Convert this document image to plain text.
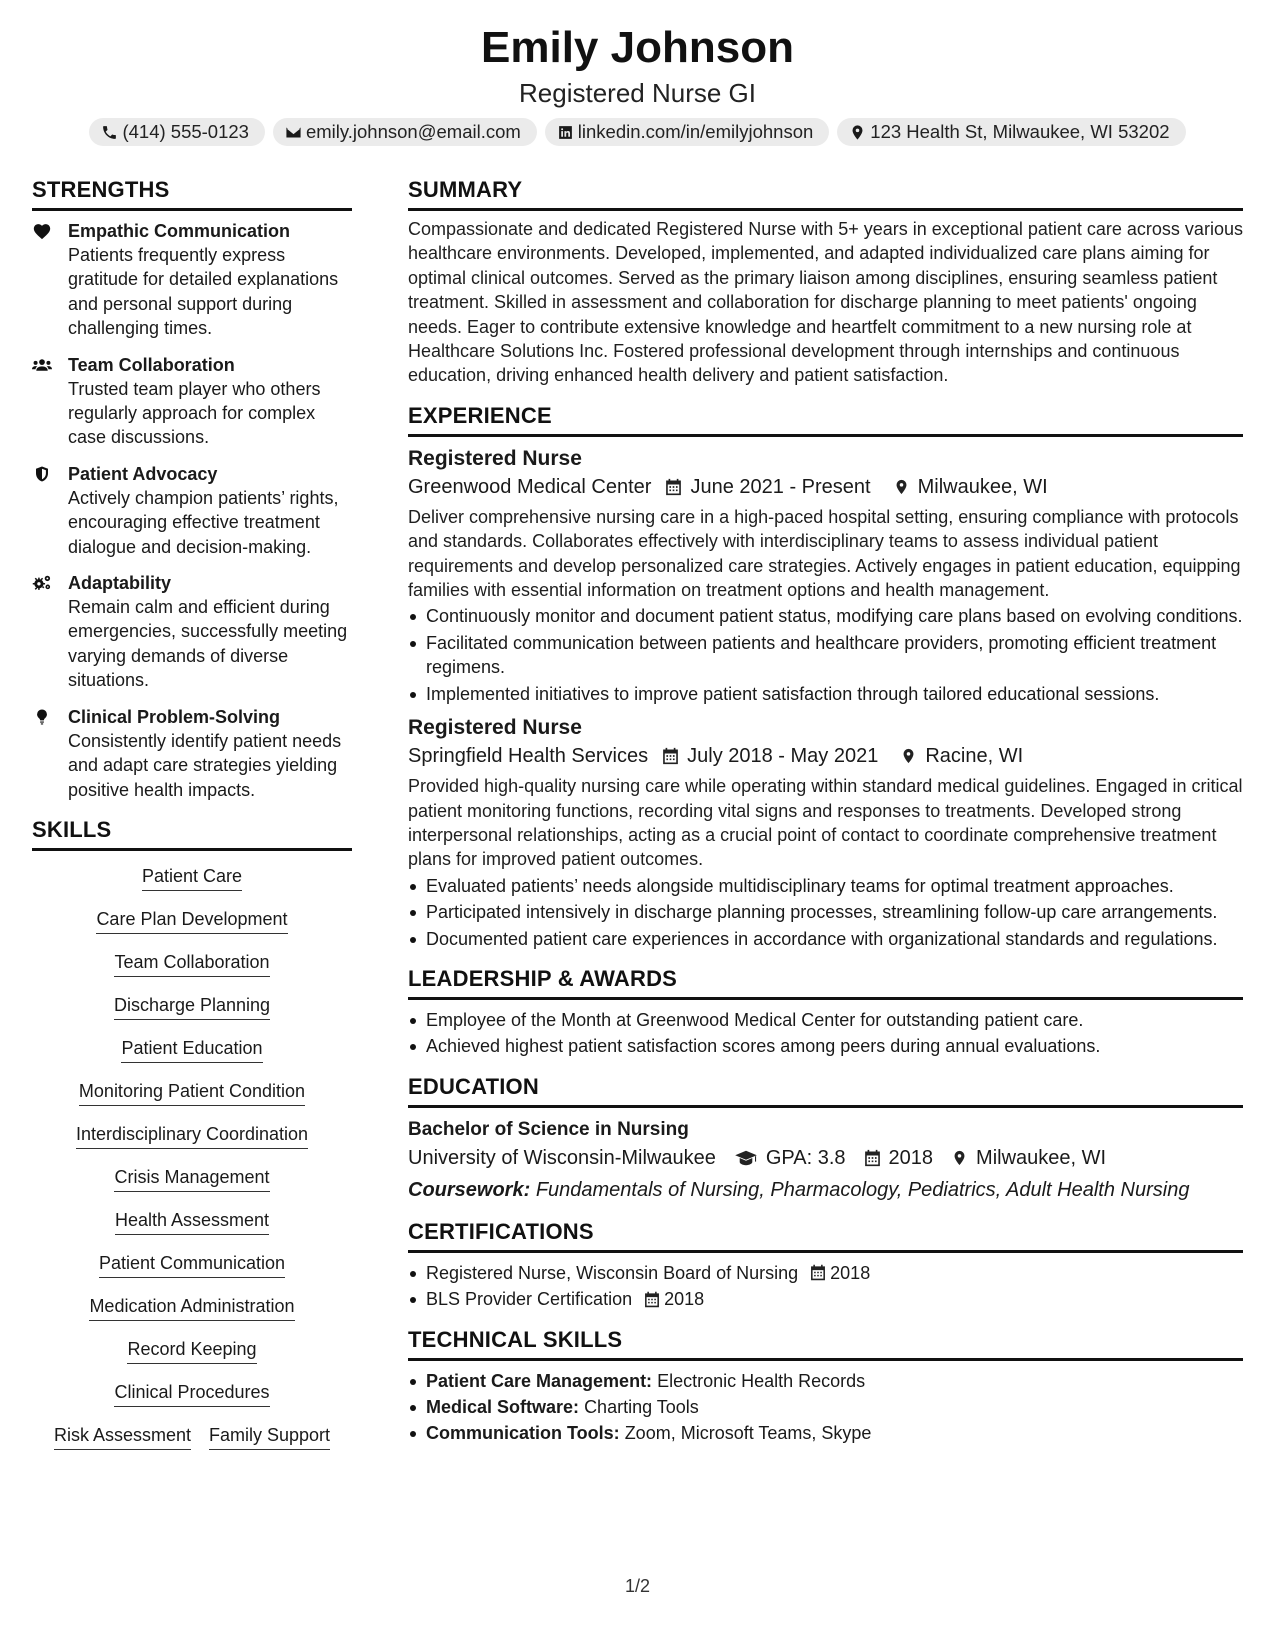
Emily Johnson
Registered Nurse GI
(414) 555-0123	emily.johnson@email.com	linkedin.com/in/emilyjohnson	123 Health St, Milwaukee, WI 53202
STRENGTHS
Empathic Communication
Patients frequently express gratitude for detailed explanations and personal support during challenging times.
Team Collaboration
Trusted team player who others regularly approach for complex case discussions.
Patient Advocacy
Actively champion patients’ rights, encouraging effective treatment dialogue and decision-making.
Adaptability
Remain calm and efficient during emergencies, successfully meeting varying demands of diverse situations.
Clinical Problem-Solving
Consistently identify patient needs and adapt care strategies yielding positive health impacts.
SKILLS
Patient Care
Care Plan Development
Team Collaboration
Discharge Planning
Patient Education
Monitoring Patient Condition
Interdisciplinary Coordination
Crisis Management
Health Assessment
Patient Communication
Medication Administration
Record Keeping
Clinical Procedures
Risk Assessment Family Support
SUMMARY
Compassionate and dedicated Registered Nurse with 5+ years in exceptional patient care across various healthcare environments. Developed, implemented, and adapted individualized care plans aiming for optimal clinical outcomes. Served as the primary liaison among disciplines, ensuring seamless patient treatment. Skilled in assessment and collaboration for discharge planning to meet patients' ongoing needs. Eager to contribute extensive knowledge and heartfelt commitment to a new nursing role at Healthcare Solutions Inc. Fostered professional development through internships and continuous education, driving enhanced health delivery and patient satisfaction.
EXPERIENCE
Registered Nurse
Greenwood Medical Center June 2021 - Present Milwaukee, WI
Deliver comprehensive nursing care in a high-paced hospital setting, ensuring compliance with protocols and standards. Collaborates effectively with interdisciplinary teams to assess individual patient requirements and develop personalized care strategies. Actively engages in patient education, equipping families with essential information on treatment options and health management.
Continuously monitor and document patient status, modifying care plans based on evolving conditions.
Facilitated communication between patients and healthcare providers, promoting efficient treatment regimens.
Implemented initiatives to improve patient satisfaction through tailored educational sessions.
Registered Nurse
Springfield Health Services July 2018 - May 2021 Racine, WI
Provided high-quality nursing care while operating within standard medical guidelines. Engaged in critical patient monitoring functions, recording vital signs and responses to treatments. Developed strong interpersonal relationships, acting as a crucial point of contact to coordinate comprehensive treatment plans for improved patient outcomes.
Evaluated patients’ needs alongside multidisciplinary teams for optimal treatment approaches.
Participated intensively in discharge planning processes, streamlining follow-up care arrangements.
Documented patient care experiences in accordance with organizational standards and regulations.
LEADERSHIP & AWARDS
Employee of the Month at Greenwood Medical Center for outstanding patient care.
Achieved highest patient satisfaction scores among peers during annual evaluations.
EDUCATION
Bachelor of Science in Nursing
University of Wisconsin-Milwaukee	GPA: 3.8 2018 Milwaukee, WI
Coursework: Fundamentals of Nursing, Pharmacology, Pediatrics, Adult Health Nursing
CERTIFICATIONS
Registered Nurse, Wisconsin Board of Nursing 2018
BLS Provider Certification 2018
TECHNICAL SKILLS
Patient Care Management: Electronic Health Records
Medical Software: Charting Tools
Communication Tools: Zoom, Microsoft Teams, Skype
1/2
